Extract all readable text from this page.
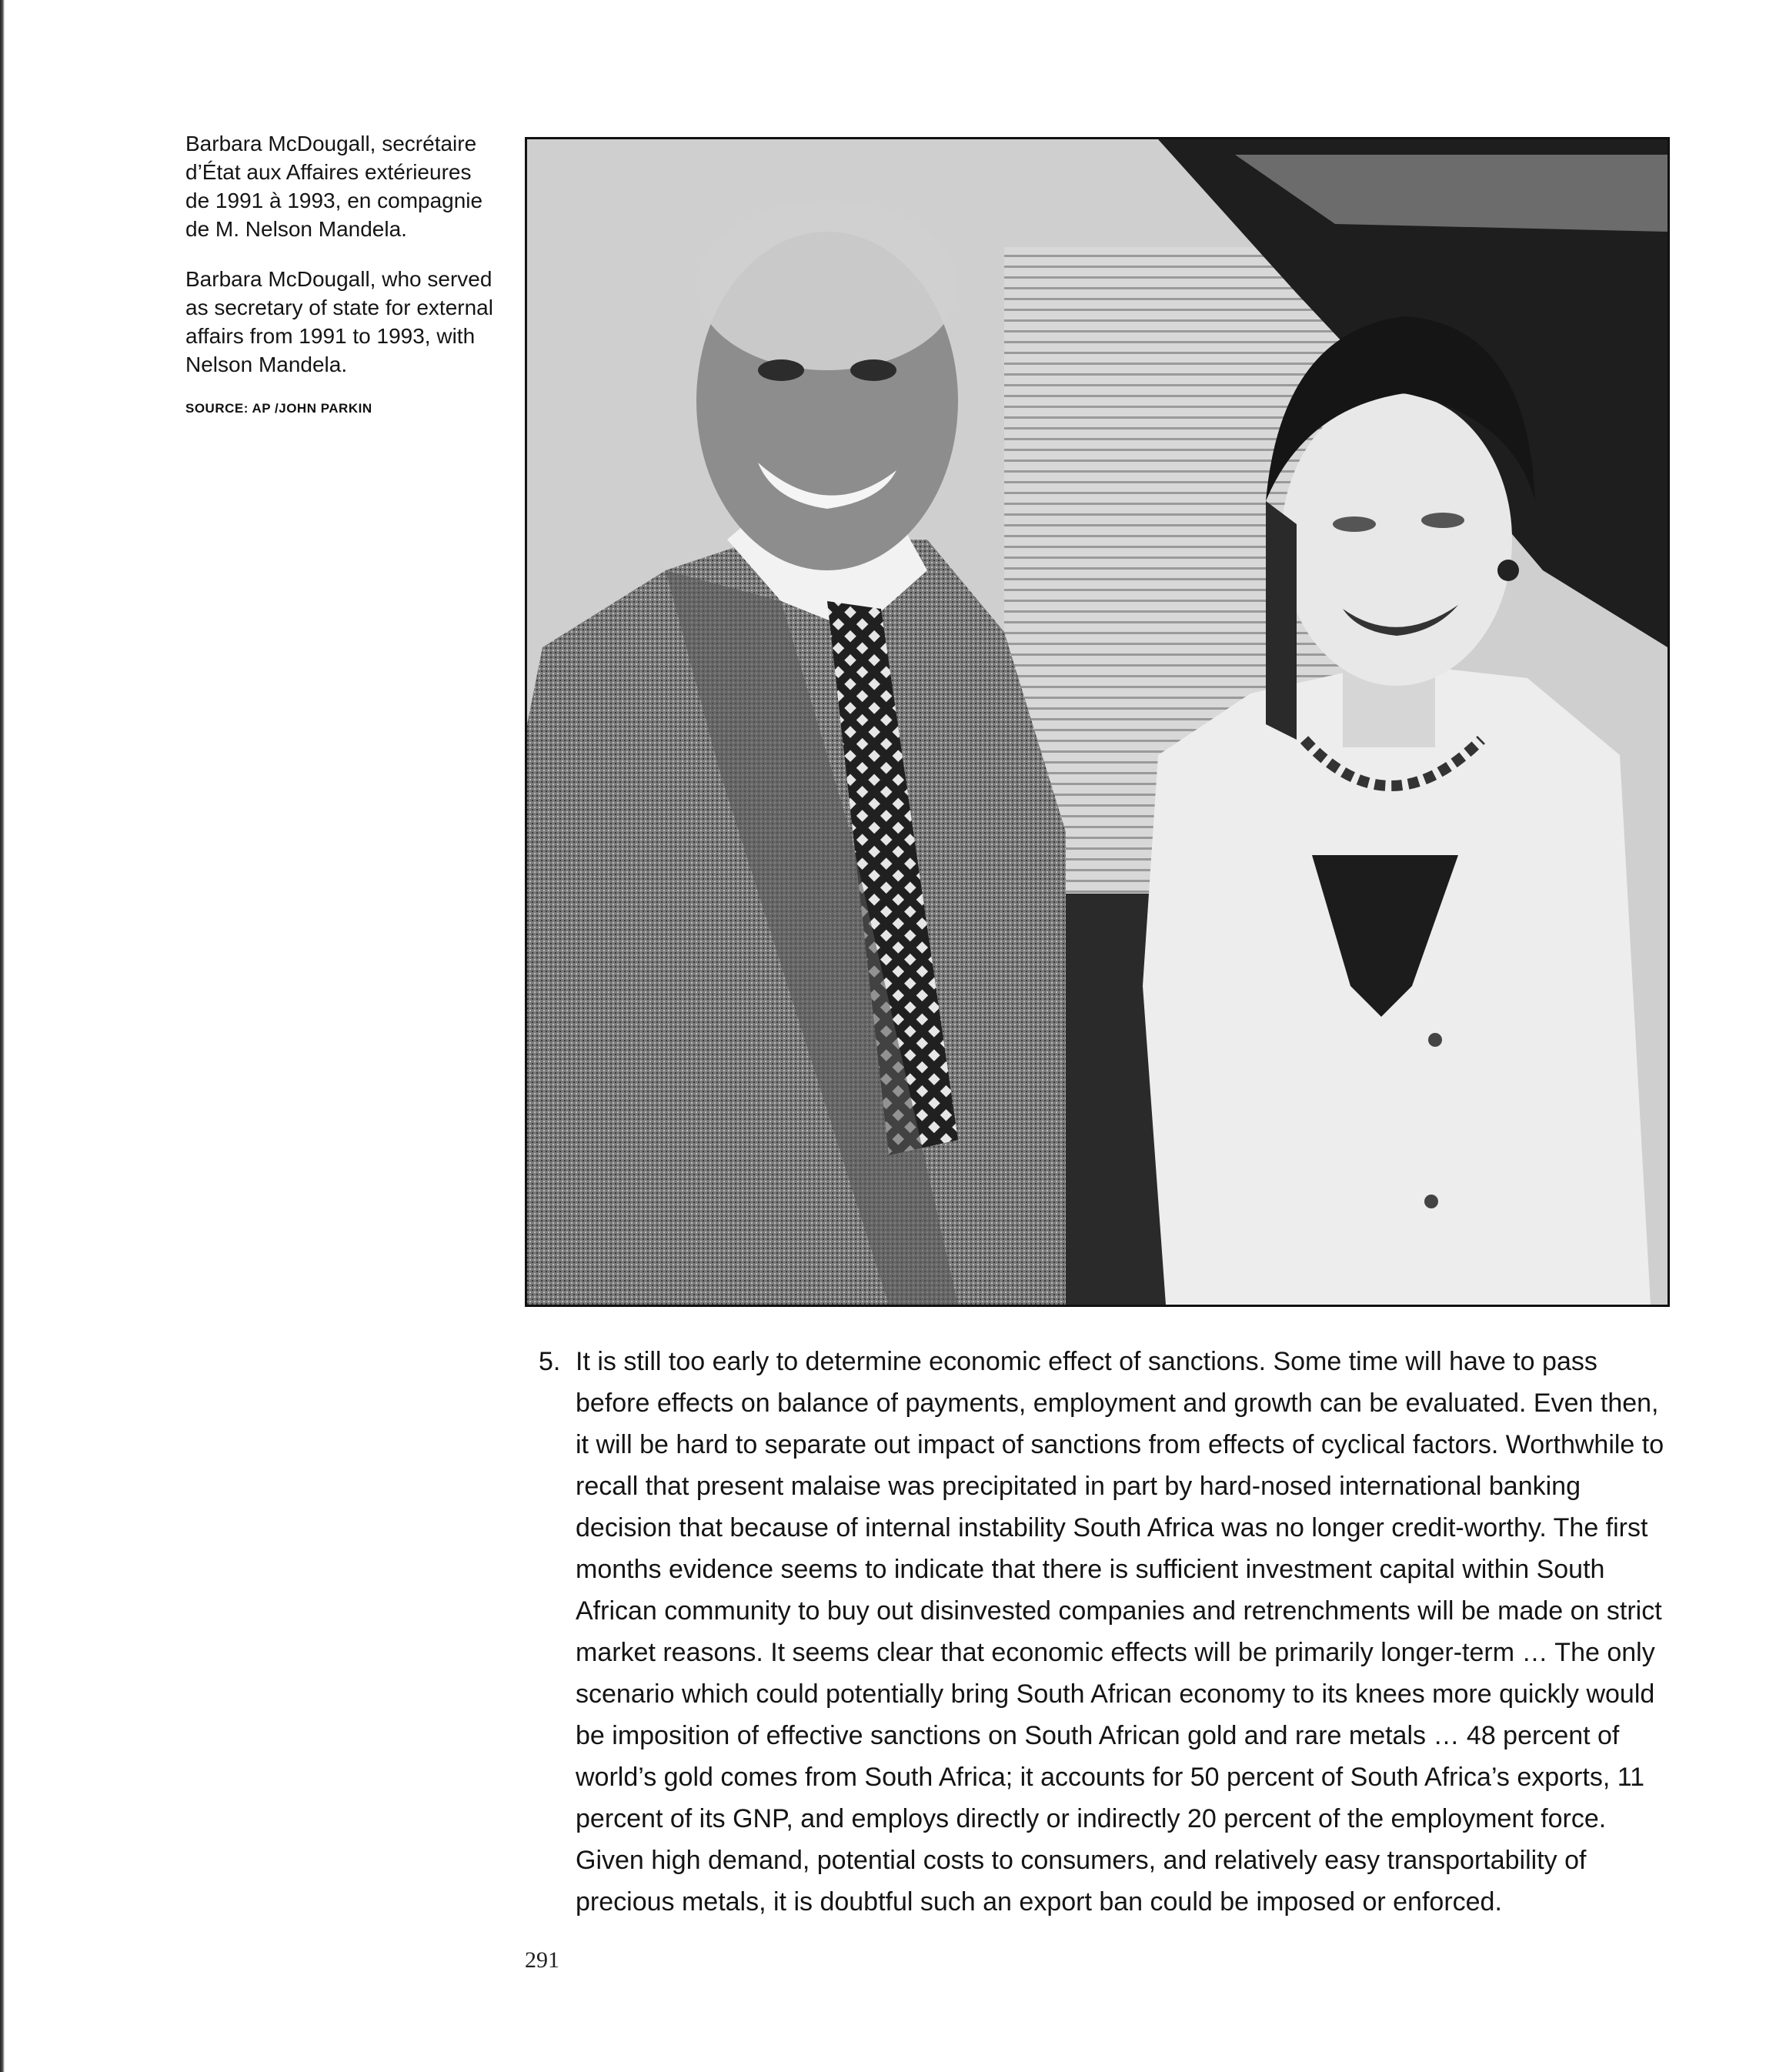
Barbara McDougall, secrétaire d’État aux Affaires extérieures de 1991 à 1993, en compagnie de M. Nelson Mandela.

Barbara McDougall, who served as secretary of state for external affairs from 1991 to 1993, with Nelson Mandela.

SOURCE: AP /JOHN PARKIN
5. It is still too early to determine economic effect of sanctions. Some time will have to pass before effects on balance of payments, employment and growth can be evaluated. Even then, it will be hard to separate out impact of sanctions from effects of cyclical factors. Worthwhile to recall that present malaise was precipitated in part by hard-nosed international banking decision that because of internal instability South Africa was no longer credit-worthy. The first months evidence seems to indicate that there is sufficient investment capital within South African community to buy out disinvested companies and retrenchments will be made on strict market reasons. It seems clear that economic effects will be primarily longer-term … The only scenario which could potentially bring South African economy to its knees more quickly would be imposition of effective sanctions on South African gold and rare metals … 48 percent of world’s gold comes from South Africa; it accounts for 50 percent of South Africa’s exports, 11 percent of its GNP, and employs directly or indirectly 20 percent of the employment force. Given high demand, potential costs to consumers, and relatively easy transportability of precious metals, it is doubtful such an export ban could be imposed or enforced.
291
